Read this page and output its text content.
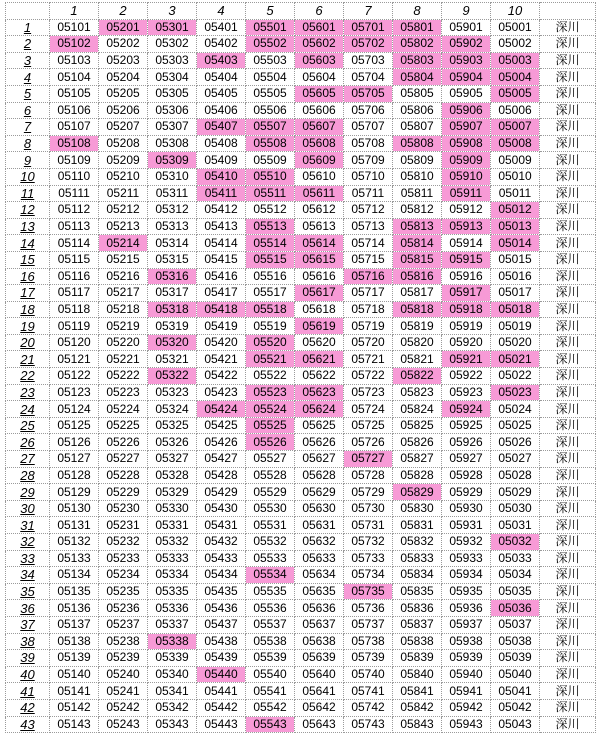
	1	2	3	4	5	6	7	8	9	10	
1	05101	05201	05301	05401	05501	05601	05701	05801	05901	05001	深川
2	05102	05202	05302	05402	05502	05602	05702	05802	05902	05002	深川
3	05103	05203	05303	05403	05503	05603	05703	05803	05903	05003	深川
4	05104	05204	05304	05404	05504	05604	05704	05804	05904	05004	深川
5	05105	05205	05305	05405	05505	05605	05705	05805	05905	05005	深川
6	05106	05206	05306	05406	05506	05606	05706	05806	05906	05006	深川
7	05107	05207	05307	05407	05507	05607	05707	05807	05907	05007	深川
8	05108	05208	05308	05408	05508	05608	05708	05808	05908	05008	深川
9	05109	05209	05309	05409	05509	05609	05709	05809	05909	05009	深川
10	05110	05210	05310	05410	05510	05610	05710	05810	05910	05010	深川
11	05111	05211	05311	05411	05511	05611	05711	05811	05911	05011	深川
12	05112	05212	05312	05412	05512	05612	05712	05812	05912	05012	深川
13	05113	05213	05313	05413	05513	05613	05713	05813	05913	05013	深川
14	05114	05214	05314	05414	05514	05614	05714	05814	05914	05014	深川
15	05115	05215	05315	05415	05515	05615	05715	05815	05915	05015	深川
16	05116	05216	05316	05416	05516	05616	05716	05816	05916	05016	深川
17	05117	05217	05317	05417	05517	05617	05717	05817	05917	05017	深川
18	05118	05218	05318	05418	05518	05618	05718	05818	05918	05018	深川
19	05119	05219	05319	05419	05519	05619	05719	05819	05919	05019	深川
20	05120	05220	05320	05420	05520	05620	05720	05820	05920	05020	深川
21	05121	05221	05321	05421	05521	05621	05721	05821	05921	05021	深川
22	05122	05222	05322	05422	05522	05622	05722	05822	05922	05022	深川
23	05123	05223	05323	05423	05523	05623	05723	05823	05923	05023	深川
24	05124	05224	05324	05424	05524	05624	05724	05824	05924	05024	深川
25	05125	05225	05325	05425	05525	05625	05725	05825	05925	05025	深川
26	05126	05226	05326	05426	05526	05626	05726	05826	05926	05026	深川
27	05127	05227	05327	05427	05527	05627	05727	05827	05927	05027	深川
28	05128	05228	05328	05428	05528	05628	05728	05828	05928	05028	深川
29	05129	05229	05329	05429	05529	05629	05729	05829	05929	05029	深川
30	05130	05230	05330	05430	05530	05630	05730	05830	05930	05030	深川
31	05131	05231	05331	05431	05531	05631	05731	05831	05931	05031	深川
32	05132	05232	05332	05432	05532	05632	05732	05832	05932	05032	深川
33	05133	05233	05333	05433	05533	05633	05733	05833	05933	05033	深川
34	05134	05234	05334	05434	05534	05634	05734	05834	05934	05034	深川
35	05135	05235	05335	05435	05535	05635	05735	05835	05935	05035	深川
36	05136	05236	05336	05436	05536	05636	05736	05836	05936	05036	深川
37	05137	05237	05337	05437	05537	05637	05737	05837	05937	05037	深川
38	05138	05238	05338	05438	05538	05638	05738	05838	05938	05038	深川
39	05139	05239	05339	05439	05539	05639	05739	05839	05939	05039	深川
40	05140	05240	05340	05440	05540	05640	05740	05840	05940	05040	深川
41	05141	05241	05341	05441	05541	05641	05741	05841	05941	05041	深川
42	05142	05242	05342	05442	05542	05642	05742	05842	05942	05042	深川
43	05143	05243	05343	05443	05543	05643	05743	05843	05943	05043	深川
